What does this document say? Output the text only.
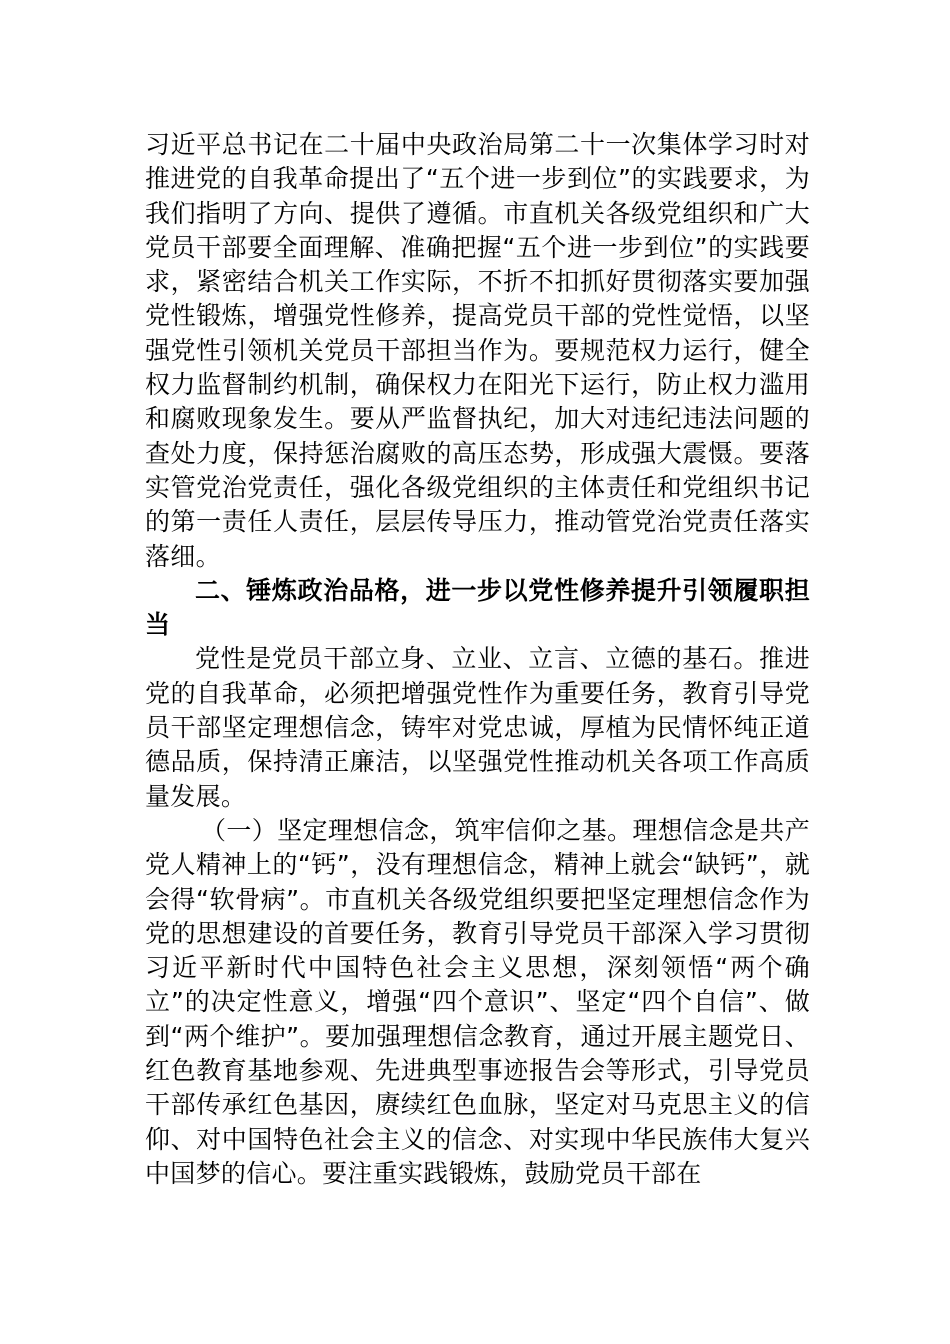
习近平总书记在二十届中央政治局第二十一次集体学习时对推进党的自我革命提出了“五个进一步到位”的实践要求，为我们指明了方向、提供了遵循。市直机关各级党组织和广大党员干部要全面理解、准确把握“五个进一步到位”的实践要求，紧密结合机关工作实际，不折不扣抓好贯彻落实要加强党性锻炼，增强党性修养，提高党员干部的党性觉悟，以坚强党性引领机关党员干部担当作为。要规范权力运行，健全权力监督制约机制，确保权力在阳光下运行，防止权力滥用和腐败现象发生。要从严监督执纪，加大对违纪违法问题的查处力度，保持惩治腐败的高压态势，形成强大震慑。要落实管党治党责任，强化各级党组织的主体责任和党组织书记的第一责任人责任，层层传导压力，推动管党治党责任落实落细。

二、锤炼政治品格，进一步以党性修养提升引领履职担当

党性是党员干部立身、立业、立言、立德的基石。推进党的自我革命，必须把增强党性作为重要任务，教育引导党员干部坚定理想信念，铸牢对党忠诚，厚植为民情怀纯正道德品质，保持清正廉洁，以坚强党性推动机关各项工作高质量发展。

（一）坚定理想信念，筑牢信仰之基。理想信念是共产党人精神上的“钙”，没有理想信念，精神上就会“缺钙”，就会得“软骨病”。市直机关各级党组织要把坚定理想信念作为党的思想建设的首要任务，教育引导党员干部深入学习贯彻习近平新时代中国特色社会主义思想，深刻领悟“两个确立”的决定性意义，增强“四个意识”、坚定“四个自信”、做到“两个维护”。要加强理想信念教育，通过开展主题党日、红色教育基地参观、先进典型事迹报告会等形式，引导党员干部传承红色基因，赓续红色血脉，坚定对马克思主义的信仰、对中国特色社会主义的信念、对实现中华民族伟大复兴中国梦的信心。要注重实践锻炼，鼓励党员干部在
